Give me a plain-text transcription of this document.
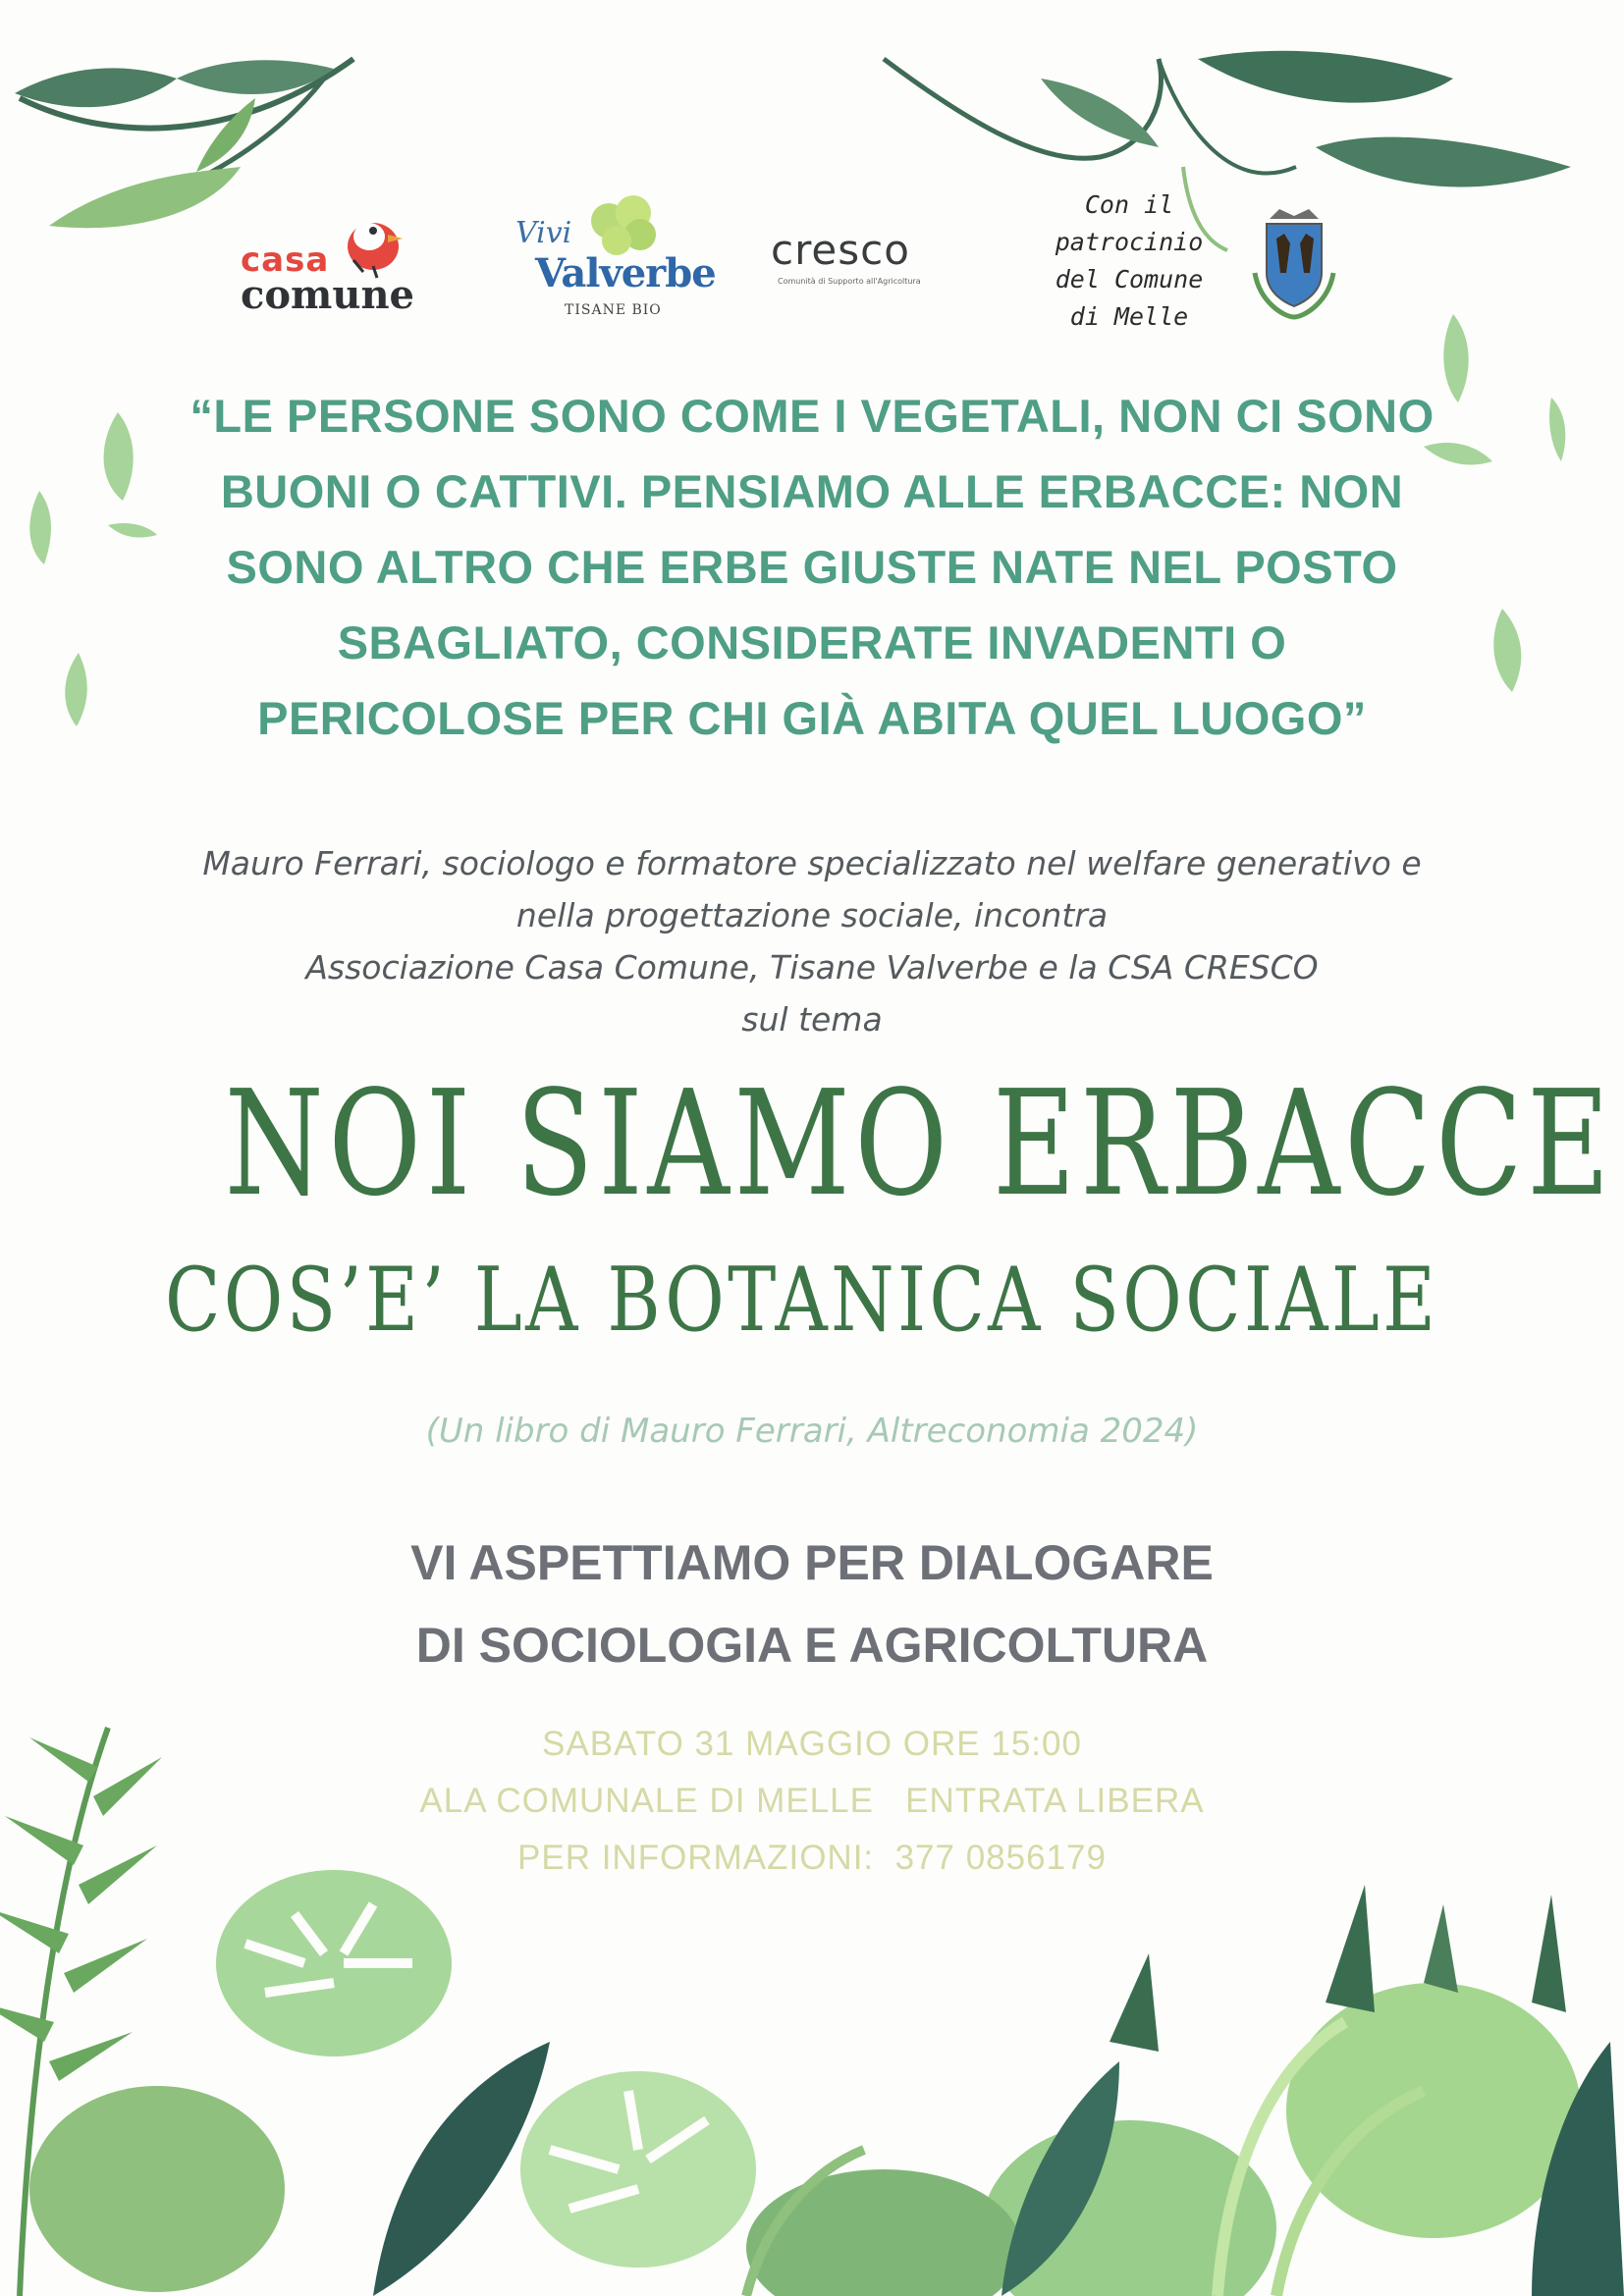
casa
comune
Vivi
Valverbe
TISANE BIO
cresco
Comunità di Supporto all'Agricoltura
Con il
patrocinio
del Comune
di Melle
“LE PERSONE SONO COME I VEGETALI, NON CI SONO
BUONI O CATTIVI. PENSIAMO ALLE ERBACCE: NON
SONO ALTRO CHE ERBE GIUSTE NATE NEL POSTO
SBAGLIATO, CONSIDERATE INVADENTI O
PERICOLOSE PER CHI GIÀ ABITA QUEL LUOGO”
Mauro Ferrari, sociologo e formatore specializzato nel welfare generativo e
nella progettazione sociale, incontra
Associazione Casa Comune, Tisane Valverbe e la CSA CRESCO
sul tema
NOI SIAMO ERBACCE
COS’E’ LA BOTANICA SOCIALE
(Un libro di Mauro Ferrari, Altreconomia 2024)
VI ASPETTIAMO PER DIALOGARE
DI SOCIOLOGIA E AGRICOLTURA
SABATO 31 MAGGIO ORE 15:00
ALA COMUNALE DI MELLE   ENTRATA LIBERA
PER INFORMAZIONI:  377 0856179
